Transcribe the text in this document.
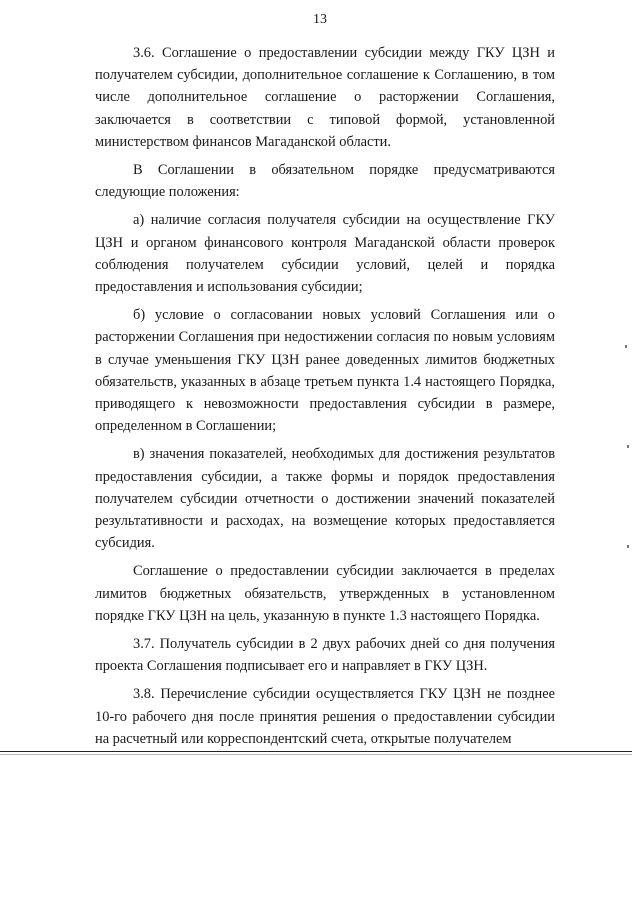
13

3.6. Соглашение о предоставлении субсидии между ГКУ ЦЗН и получателем субсидии, дополнительное соглашение к Соглашению, в том числе дополнительное соглашение о расторжении Соглашения, заключается в соответствии с типовой формой, установленной министерством финансов Магаданской области.

В Соглашении в обязательном порядке предусматриваются следующие положения:

а) наличие согласия получателя субсидии на осуществление ГКУ ЦЗН и органом финансового контроля Магаданской области проверок соблюдения получателем субсидии условий, целей и порядка предоставления и использования субсидии;

б) условие о согласовании новых условий Соглашения или о расторжении Соглашения при недостижении согласия по новым условиям в случае уменьшения ГКУ ЦЗН ранее доведенных лимитов бюджетных обязательств, указанных в абзаце третьем пункта 1.4 настоящего Порядка, приводящего к невозможности предоставления субсидии в размере, определенном в Соглашении;

в) значения показателей, необходимых для достижения результатов предоставления субсидии, а также формы и порядок предоставления получателем субсидии отчетности о достижении значений показателей результативности и расходах, на возмещение которых предоставляется субсидия.

Соглашение о предоставлении субсидии заключается в пределах лимитов бюджетных обязательств, утвержденных в установленном порядке ГКУ ЦЗН на цель, указанную в пункте 1.3 настоящего Порядка.

3.7. Получатель субсидии в 2 двух рабочих дней со дня получения проекта Соглашения подписывает его и направляет в ГКУ ЦЗН.

3.8. Перечисление субсидии осуществляется ГКУ ЦЗН не позднее 10-го рабочего дня после принятия решения о предоставлении субсидии на расчетный или корреспондентский счета, открытые получателем
